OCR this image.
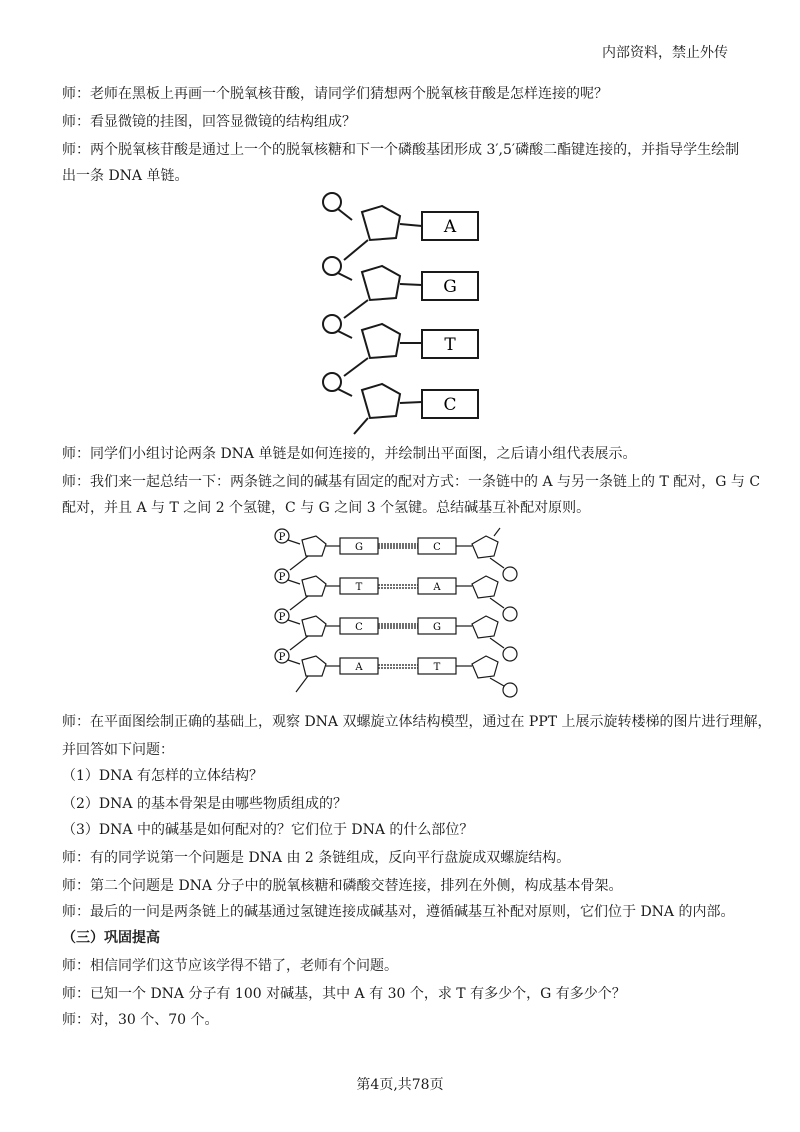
内部资料，禁止外传
师：老师在黑板上再画一个脱氧核苷酸，请同学们猜想两个脱氧核苷酸是怎样连接的呢？
师：看显微镜的挂图，回答显微镜的结构组成？
师：两个脱氧核苷酸是通过上一个的脱氧核糖和下一个磷酸基团形成 3′,5′磷酸二酯键连接的，并指导学生绘制
出一条 DNA 单链。
A
G
T
C
师：同学们小组讨论两条 DNA 单链是如何连接的，并绘制出平面图，之后请小组代表展示。
师：我们来一起总结一下：两条链之间的碱基有固定的配对方式：一条链中的 A 与另一条链上的 T 配对，G 与 C
配对，并且 A 与 T 之间 2 个氢键，C 与 G 之间 3 个氢键。总结碱基互补配对原则。
P
P
P
P
G	C
T	A
C	G
A	T
师：在平面图绘制正确的基础上，观察 DNA 双螺旋立体结构模型，通过在 PPT 上展示旋转楼梯的图片进行理解，
并回答如下问题：
（1）DNA 有怎样的立体结构？
（2）DNA 的基本骨架是由哪些物质组成的？
（3）DNA 中的碱基是如何配对的？它们位于 DNA 的什么部位？
师：有的同学说第一个问题是 DNA 由 2 条链组成，反向平行盘旋成双螺旋结构。
师：第二个问题是 DNA 分子中的脱氧核糖和磷酸交替连接，排列在外侧，构成基本骨架。
师：最后的一问是两条链上的碱基通过氢键连接成碱基对，遵循碱基互补配对原则，它们位于 DNA 的内部。
（三）巩固提高
师：相信同学们这节应该学得不错了，老师有个问题。
师：已知一个 DNA 分子有 100 对碱基，其中 A 有 30 个，求 T 有多少个，G 有多少个？
师：对，30 个、70 个。
第4页,共78页
